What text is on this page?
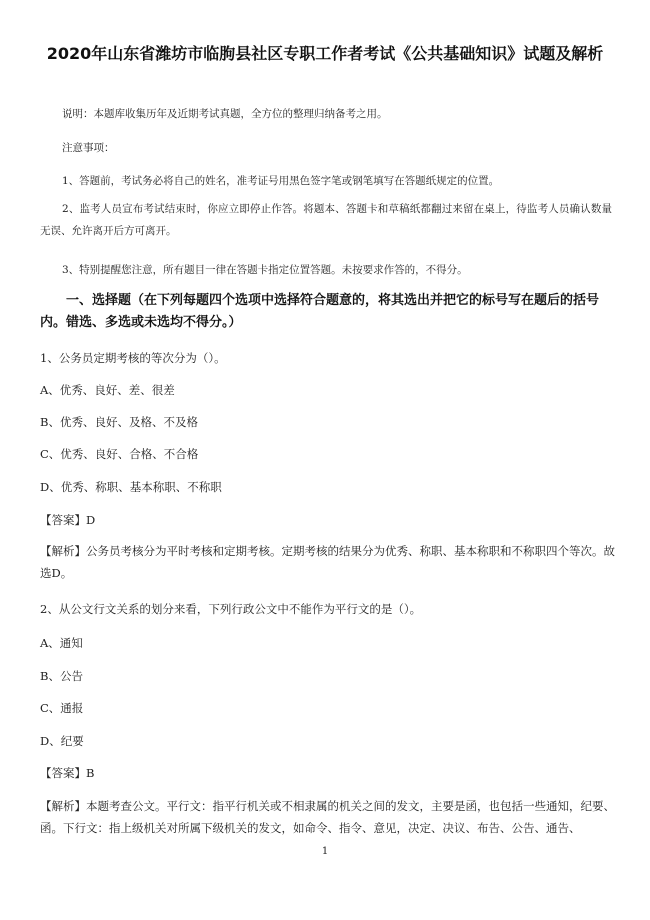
2020年山东省潍坊市临朐县社区专职工作者考试《公共基础知识》试题及解析
说明：本题库收集历年及近期考试真题，全方位的整理归纳备考之用。
注意事项：
1、答题前，考试务必将自己的姓名，准考证号用黑色签字笔或钢笔填写在答题纸规定的位置。
2、监考人员宣布考试结束时，你应立即停止作答。将题本、答题卡和草稿纸都翻过来留在桌上，待监考人员确认数量无误、允许离开后方可离开。
3、特别提醒您注意，所有题目一律在答题卡指定位置答题。未按要求作答的，不得分。
一、选择题（在下列每题四个选项中选择符合题意的，将其选出并把它的标号写在题后的括号内。错选、多选或未选均不得分。）
1、公务员定期考核的等次分为（）。
A、优秀、良好、差、很差
B、优秀、良好、及格、不及格
C、优秀、良好、合格、不合格
D、优秀、称职、基本称职、不称职
【答案】D
【解析】公务员考核分为平时考核和定期考核。定期考核的结果分为优秀、称职、基本称职和不称职四个等次。故选D。
2、从公文行文关系的划分来看，下列行政公文中不能作为平行文的是（）。
A、通知
B、公告
C、通报
D、纪要
【答案】B
【解析】本题考查公文。平行文：指平行机关或不相隶属的机关之间的发文，主要是函，也包括一些通知，纪要、函。下行文：指上级机关对所属下级机关的发文，如命令、指令、意见，决定、决议、布告、公告、通告、
1
